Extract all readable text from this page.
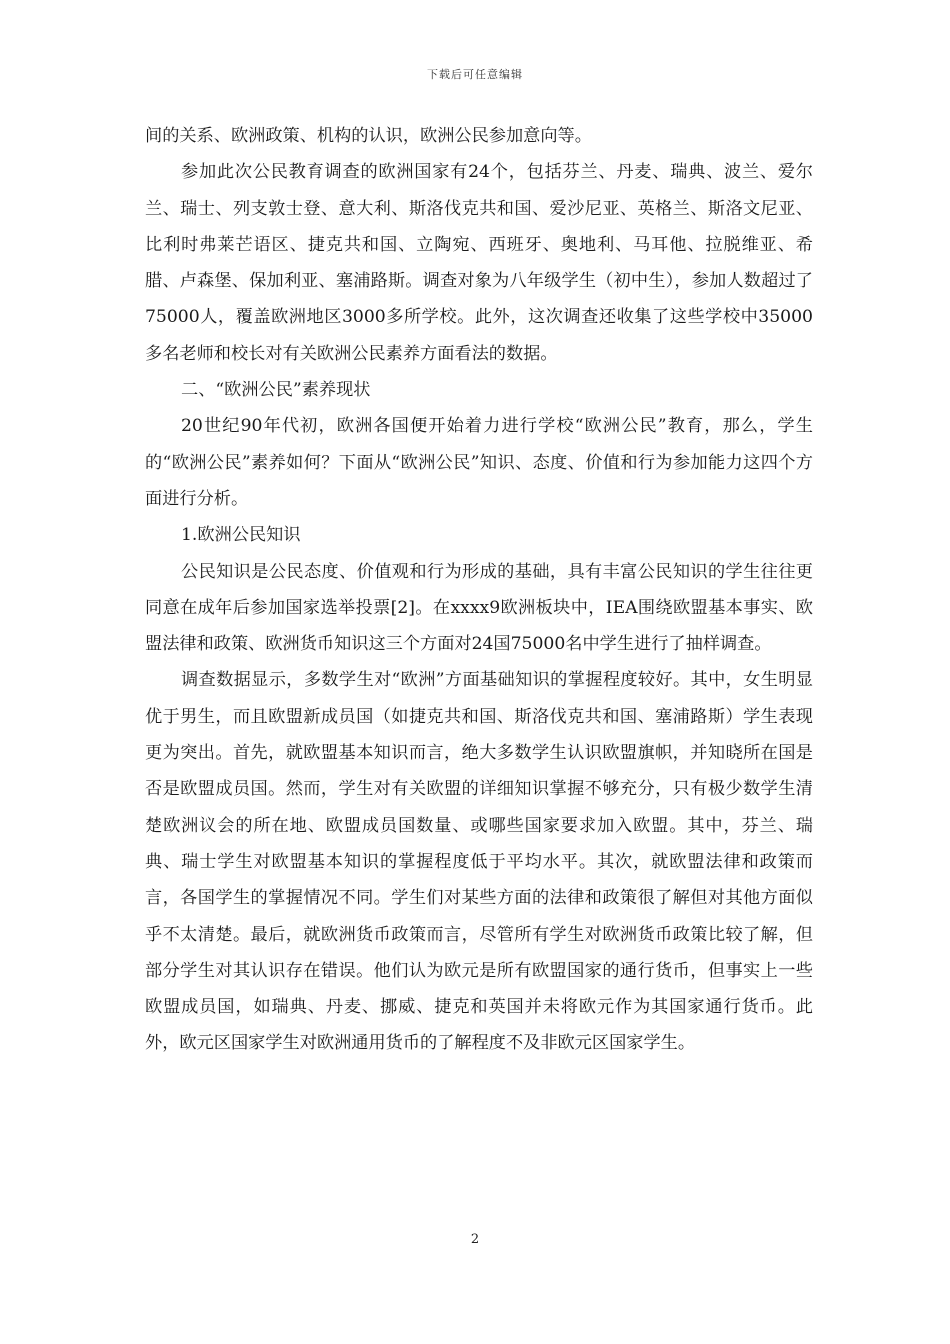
下载后可任意编辑

间的关系、欧洲政策、机构的认识，欧洲公民参加意向等。

参加此次公民教育调查的欧洲国家有24个，包括芬兰、丹麦、瑞典、波兰、爱尔兰、瑞士、列支敦士登、意大利、斯洛伐克共和国、爱沙尼亚、英格兰、斯洛文尼亚、比利时弗莱芒语区、捷克共和国、立陶宛、西班牙、奥地利、马耳他、拉脱维亚、希腊、卢森堡、保加利亚、塞浦路斯。调查对象为八年级学生（初中生），参加人数超过了75000人，覆盖欧洲地区3000多所学校。此外，这次调查还收集了这些学校中35000多名老师和校长对有关欧洲公民素养方面看法的数据。

二、“欧洲公民”素养现状

20世纪90年代初，欧洲各国便开始着力进行学校“欧洲公民”教育，那么，学生的“欧洲公民”素养如何？下面从“欧洲公民”知识、态度、价值和行为参加能力这四个方面进行分析。

1.欧洲公民知识

公民知识是公民态度、价值观和行为形成的基础，具有丰富公民知识的学生往往更同意在成年后参加国家选举投票[2]。在xxxx9欧洲板块中，IEA围绕欧盟基本事实、欧盟法律和政策、欧洲货币知识这三个方面对24国75000名中学生进行了抽样调查。

调查数据显示，多数学生对“欧洲”方面基础知识的掌握程度较好。其中，女生明显优于男生，而且欧盟新成员国（如捷克共和国、斯洛伐克共和国、塞浦路斯）学生表现更为突出。首先，就欧盟基本知识而言，绝大多数学生认识欧盟旗帜，并知晓所在国是否是欧盟成员国。然而，学生对有关欧盟的详细知识掌握不够充分，只有极少数学生清楚欧洲议会的所在地、欧盟成员国数量、或哪些国家要求加入欧盟。其中，芬兰、瑞典、瑞士学生对欧盟基本知识的掌握程度低于平均水平。其次，就欧盟法律和政策而言，各国学生的掌握情况不同。学生们对某些方面的法律和政策很了解但对其他方面似乎不太清楚。最后，就欧洲货币政策而言，尽管所有学生对欧洲货币政策比较了解，但部分学生对其认识存在错误。他们认为欧元是所有欧盟国家的通行货币，但事实上一些欧盟成员国，如瑞典、丹麦、挪威、捷克和英国并未将欧元作为其国家通行货币。此外，欧元区国家学生对欧洲通用货币的了解程度不及非欧元区国家学生。

2
